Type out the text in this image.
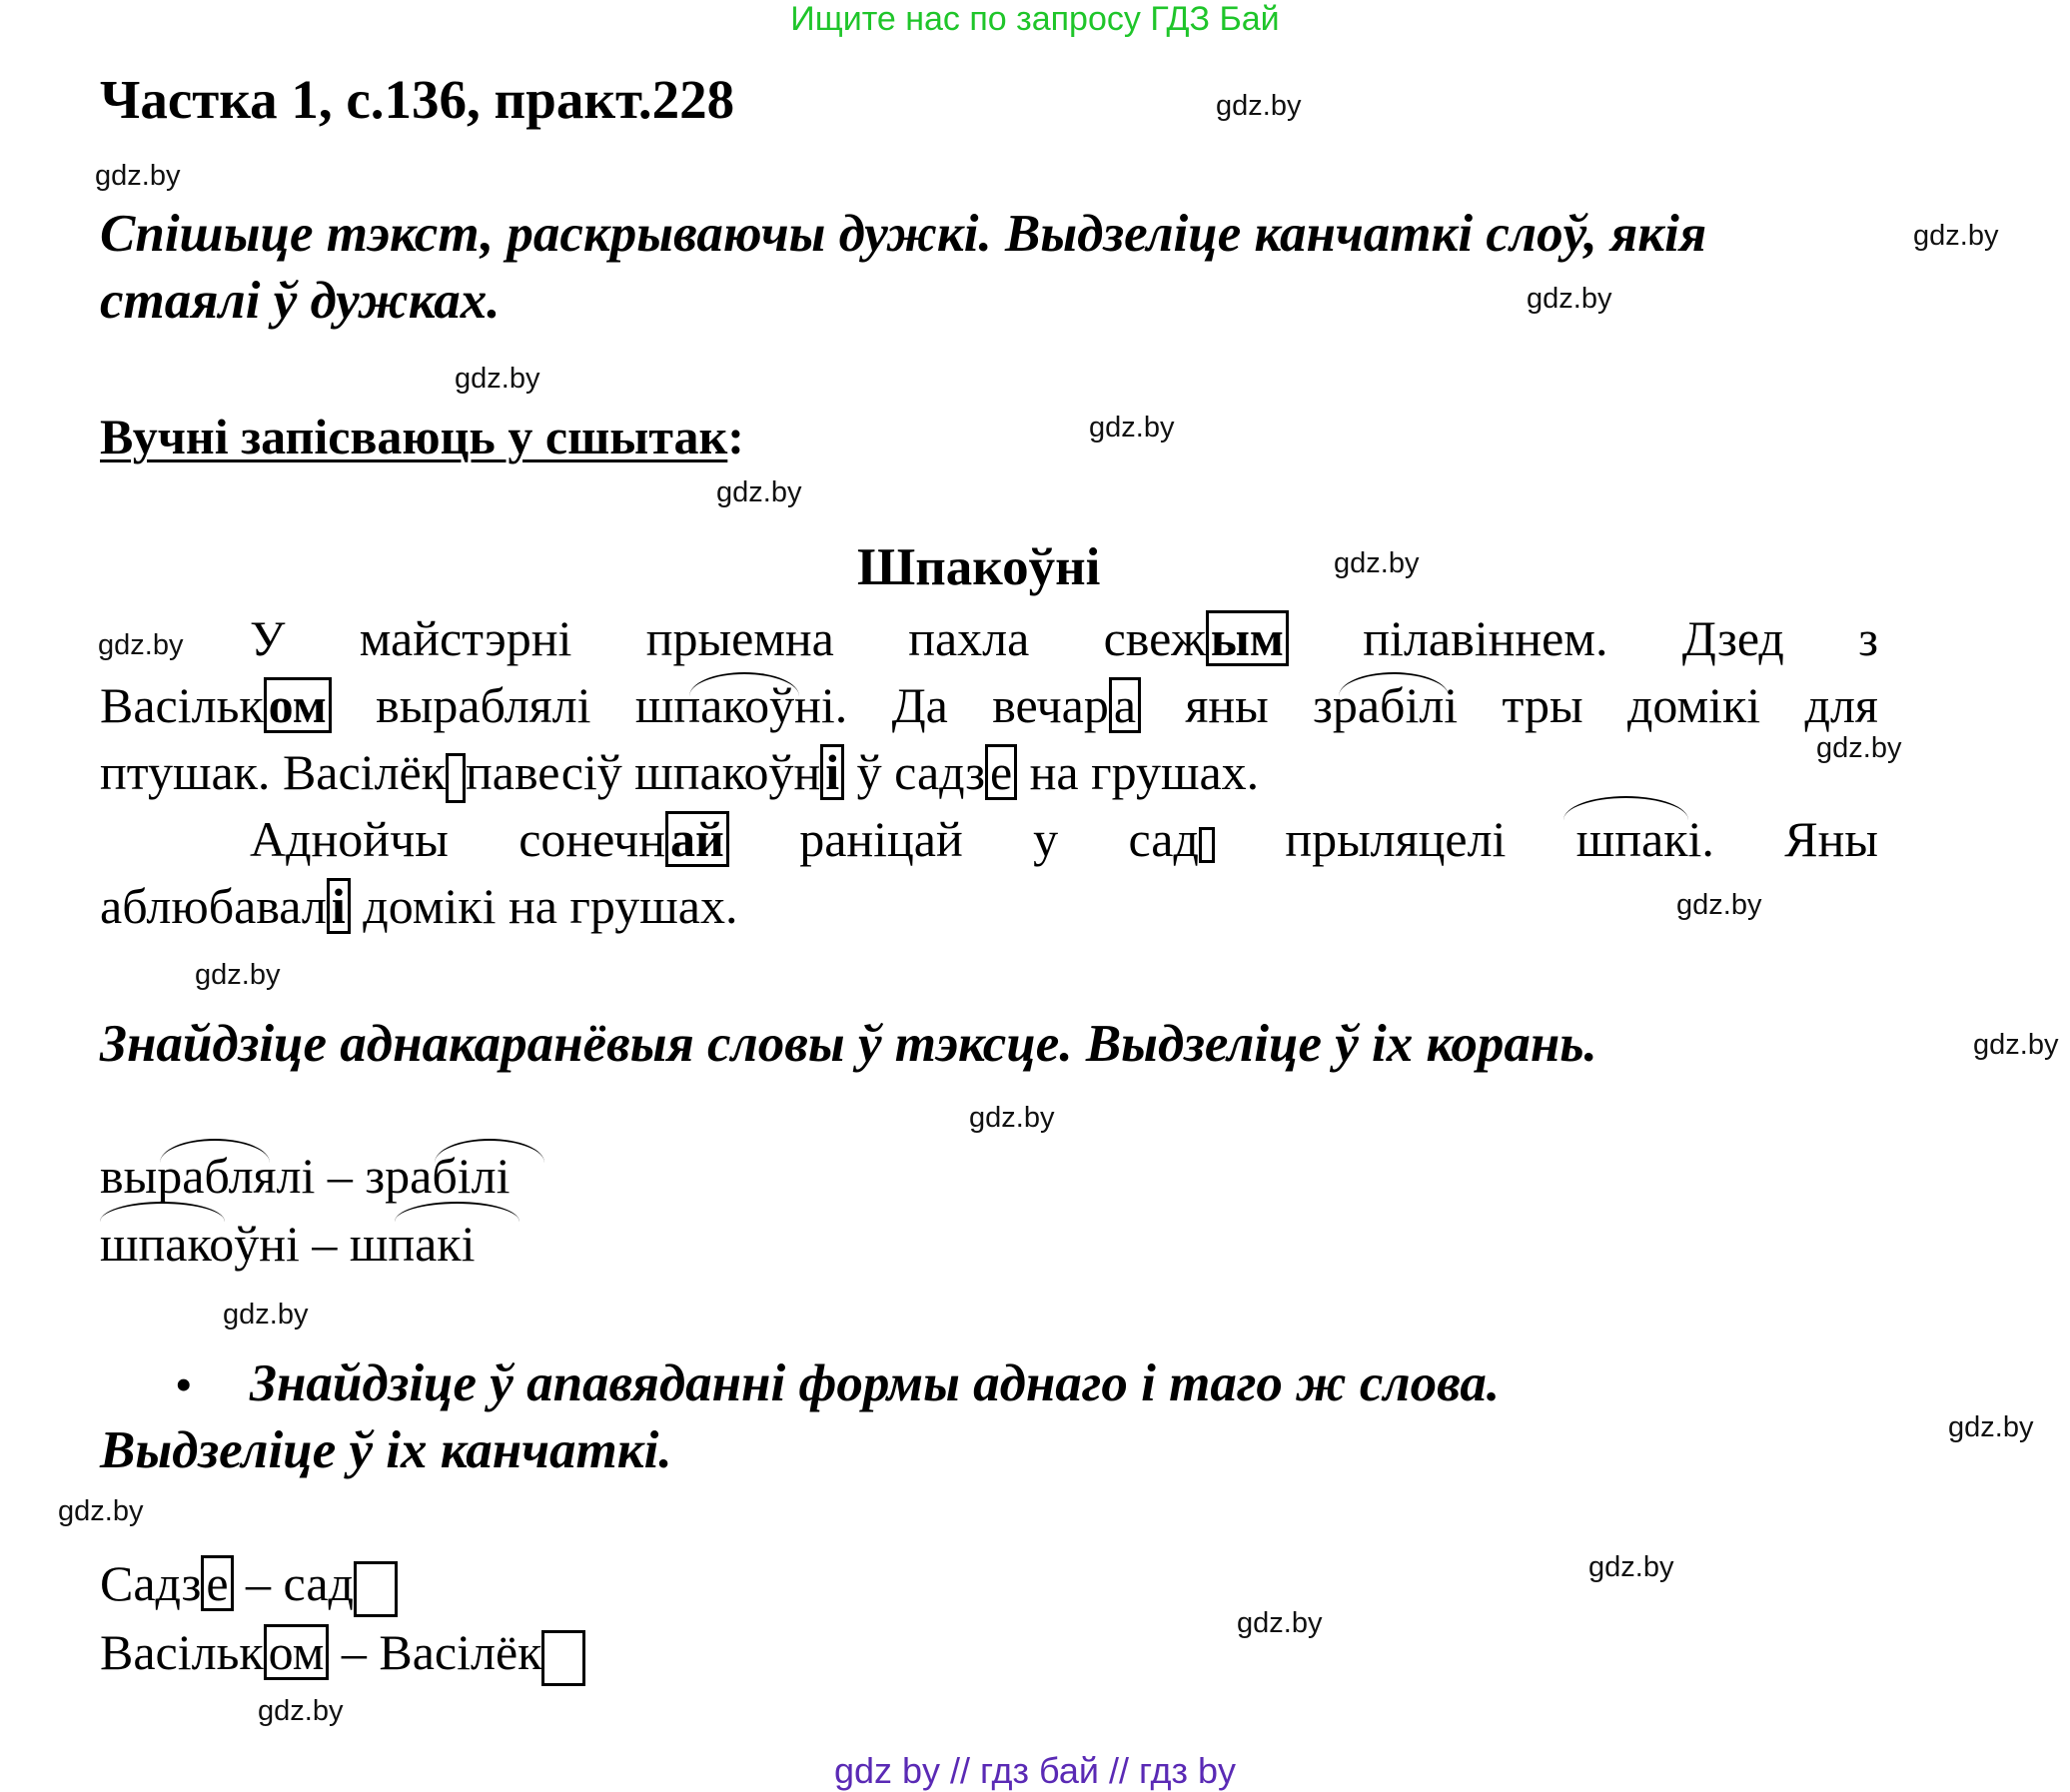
Ищите нас по запросу ГДЗ Бай
Частка 1, с.136, практ.228
Спішыце тэкст, раскрываючы дужкі. Выдзеліце канчаткі слоў, якія
стаялі ў дужках.
Вучні запісваюць у сшытак:
Шпакоўні
У майстэрні прыемна пахла свеж ым пілавіннем. Дзед з
Васільк ом выраблялі шпакоўні. Да вечар а яны зрабілі тры домікі для
птушак. Васілёк павесіў шпакоўн і ў садз е на грушах.
Аднойчы сонечн ай раніцай у сад	прыляцелі шпакі. Яны
аблюбавал і домікі на грушах.
Знайдзіце аднакаранёвыя словы ў тэксце. Выдзеліце ў іх корань.
выраблялі – зрабілі
шпакоўні – шпакі
• Знайдзіце ў апавяданні формы аднаго і таго ж слова.
Выдзеліце ў іх канчаткі.
Садз е – сад
Васільк ом – Васілёк
gdz.by
gdz.by
gdz.by
gdz.by
gdz.by
gdz.by
gdz.by
gdz.by
gdz.by
gdz.by
gdz.by
gdz.by
gdz.by
gdz.by
gdz.by
gdz.by
gdz.by
gdz.by
gdz.by
gdz.by
gdz by // гдз бай // гдз by
